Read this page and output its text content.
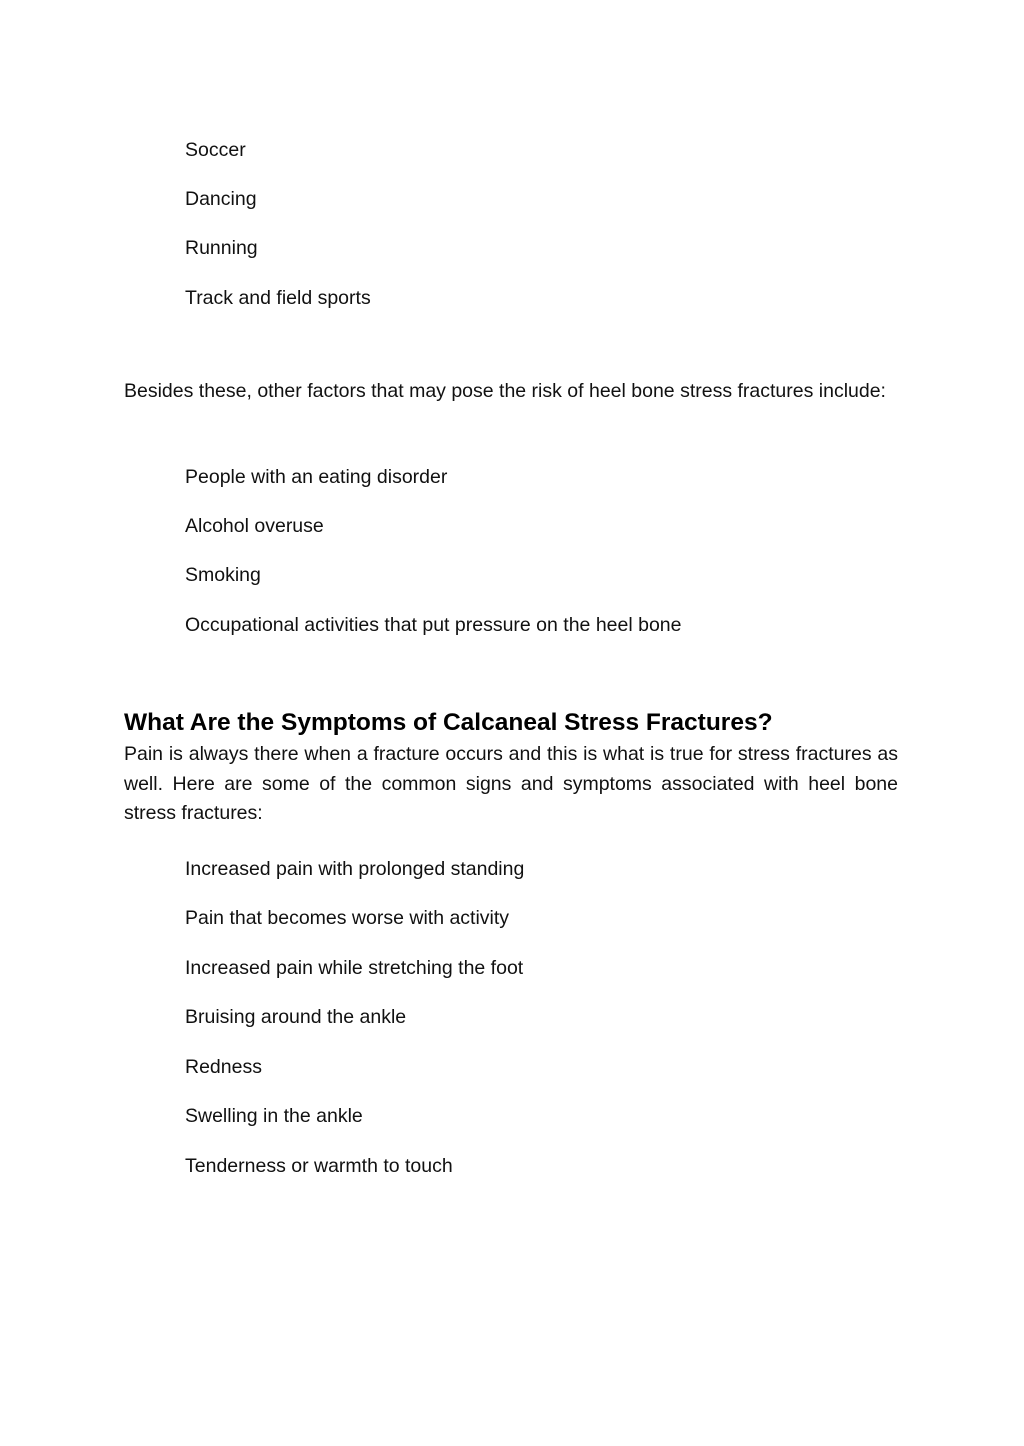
Soccer
Dancing
Running
Track and field sports

Besides these, other factors that may pose the risk of heel bone stress fractures include:

People with an eating disorder
Alcohol overuse
Smoking
Occupational activities that put pressure on the heel bone
What Are the Symptoms of Calcaneal Stress Fractures?

Pain is always there when a fracture occurs and this is what is true for stress fractures as well. Here are some of the common signs and symptoms associated with heel bone stress fractures:

Increased pain with prolonged standing
Pain that becomes worse with activity
Increased pain while stretching the foot
Bruising around the ankle
Redness
Swelling in the ankle
Tenderness or warmth to touch
